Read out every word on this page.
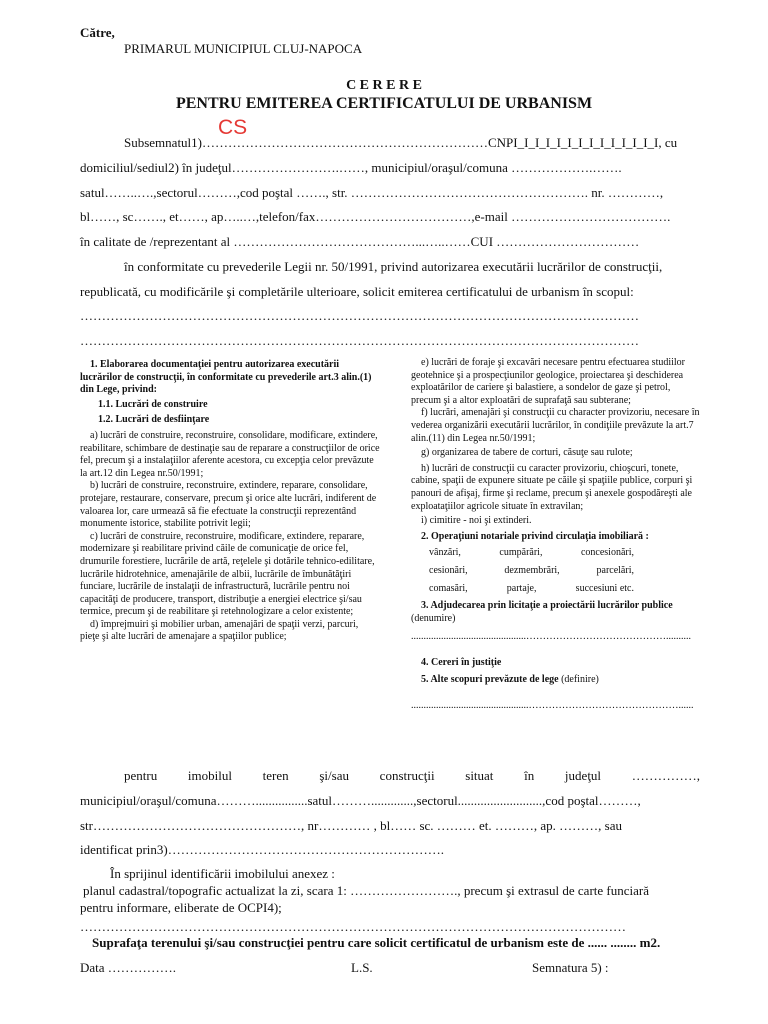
Către,
PRIMARUL MUNICIPIUL CLUJ-NAPOCA
C E R E R E
PENTRU EMITEREA CERTIFICATULUI DE URBANISM
CS
Subsemnatul1)…………………………………………………………CNPI_I_I_I_I_I_I_I_I_I_I_I_I_I, cu
domiciliul/sediul2) în judeţul…………………….……, municipiul/oraşul/comuna ……………….…….
satul……..….,sectorul………,cod poştal ……., str. ………………………………………………. nr. …………,
bl……, sc……., et……, ap…..…,telefon/fax………………………………,e-mail ……………………………….
în calitate de /reprezentant al ……………………………………...…..……CUI ……………………………
în conformitate cu prevederile Legii nr. 50/1991, privind autorizarea executării lucrărilor de construcţii,
republicată, cu modificările şi completările ulterioare, solicit emiterea certificatului de urbanism în scopul:
…………………………………………………………………………………………………………………
…………………………………………………………………………………………………………………

1. Elaborarea documentaţiei pentru autorizarea executării lucrărilor de construcţii, în conformitate cu prevederile art.3 alin.(1) din Lege, privind:

1.1. Lucrări de construire

1.2. Lucrări de desfiinţare

a) lucrări de construire, reconstruire, consolidare, modificare, extindere, reabilitare, schimbare de destinaţie sau de reparare a construcţiilor de orice fel, precum şi a instalaţiilor aferente acestora, cu excepţia celor prevăzute la art.12 din Legea nr.50/1991;

b) lucrări de construire, reconstruire, extindere, reparare, consolidare, protejare, restaurare, conservare, precum şi orice alte lucrări, indiferent de valoarea lor, care urmează să fie efectuate la construcţii reprezentând monumente istorice, stabilite potrivit legii;

c) lucrări de construire, reconstruire, modificare, extindere, reparare, modernizare şi reabilitare privind căile de comunicaţie de orice fel, drumurile forestiere, lucrările de artă, reţelele şi dotările tehnico-edilitare, lucrările hidrotehnice, amenajările de albii, lucrările de îmbunătăţiri funciare, lucrările de instalaţii de infrastructură, lucrările pentru noi capacităţi de producere, transport, distribuţie a energiei electrice şi/sau termice, precum şi de reabilitare şi retehnologizare a celor existente;

d) împrejmuiri şi mobilier urban, amenajări de spaţii verzi, parcuri, pieţe şi alte lucrări de amenajare a spaţiilor publice;

e) lucrări de foraje şi excavări necesare pentru efectuarea studiilor geotehnice şi a prospecţiunilor geologice, proiectarea şi deschiderea exploatărilor de cariere şi balastiere, a sondelor de gaze şi petrol, precum şi a altor exploatări de suprafaţă sau subterane;

f) lucrări, amenajări şi construcţii cu character provizoriu, necesare în vederea organizării executării lucrărilor, în condiţiile prevăzute la art.7 alin.(11) din Legea nr.50/1991;

g) organizarea de tabere de corturi, căsuţe sau rulote;

h) lucrări de construcţii cu caracter provizoriu, chioşcuri, tonete, cabine, spaţii de expunere situate pe căile şi spaţiile publice, corpuri şi panouri de afişaj, firme şi reclame, precum şi anexele gospodăreşti ale exploataţiilor agricole situate în extravilan;

i) cimitire - noi şi extinderi.

2. Operaţiuni notariale privind circulaţia imobiliară :

vânzări,	cumpărări,	concesionări,
cesionări,	dezmembrări,	parcelări,
comasări,	partaje,	succesiuni etc.

3. Adjudecarea prin licitaţie a proiectării lucrărilor publice (denumire)

..............................................……………………………………..........

4. Cereri în justiţie

5. Alte scopuri prevăzute de lege (definire)

...............................................………………………………………......

pentru imobilul teren şi/sau construcţii situat în judeţul ……………,
municipiul/oraşul/comuna………................satul……….............,sectorul..........................,cod poştal………,
str…………………………………………, nr………… , bl…… sc. ……… et. ………, ap. ………, sau
identificat prin3)……………………………………………………….
În sprijinul identificării imobilului anexez :
planul cadastral/topografic actualizat la zi, scara 1: ……………………., precum şi extrasul de carte funciară
pentru informare, eliberate de OCPI4);
………………………………………………………………………………………………………………
Suprafaţa terenului şi/sau construcţiei pentru care solicit certificatul de urbanism este de ...... ........ m2.
Data …………….	L.S.	Semnatura 5) :
